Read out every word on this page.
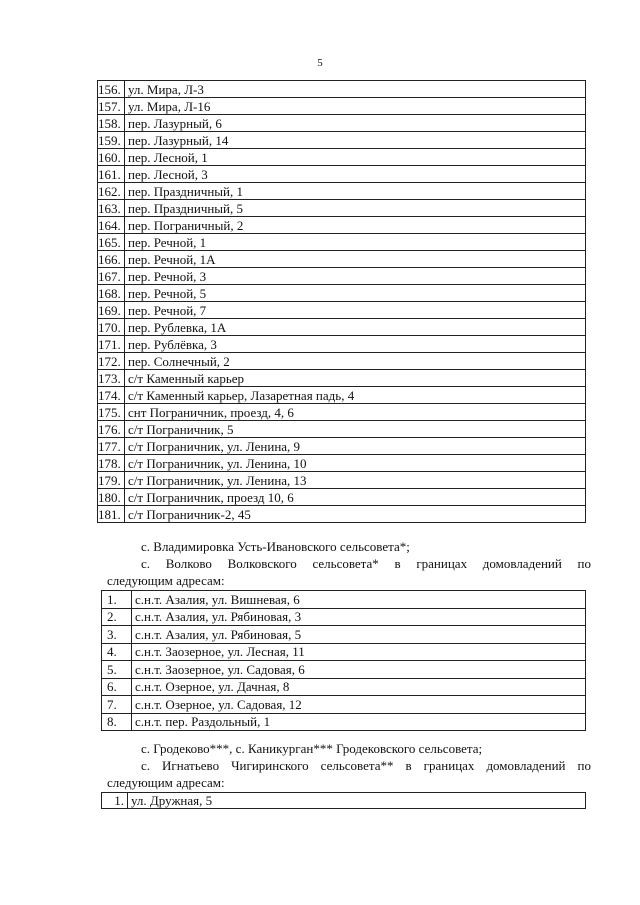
5
156.	ул. Мира, Л-3
157.	ул. Мира, Л-16
158.	пер. Лазурный, 6
159.	пер. Лазурный, 14
160.	пер. Лесной, 1
161.	пер. Лесной, 3
162.	пер. Праздничный, 1
163.	пер. Праздничный, 5
164.	пер. Пограничный, 2
165.	пер. Речной, 1
166.	пер. Речной, 1А
167.	пер. Речной, 3
168.	пер. Речной, 5
169.	пер. Речной, 7
170.	пер. Рублевка, 1А
171.	пер. Рублёвка, 3
172.	пер. Солнечный, 2
173.	с/т Каменный карьер
174.	с/т Каменный карьер, Лазаретная падь, 4
175.	снт Пограничник, проезд, 4, 6
176.	с/т Пограничник, 5
177.	с/т Пограничник, ул. Ленина, 9
178.	с/т Пограничник, ул. Ленина, 10
179.	с/т Пограничник, ул. Ленина, 13
180.	с/т Пограничник, проезд 10, 6
181.	с/т Пограничник-2, 45

с. Владимировка Усть-Ивановского сельсовета*;

с. Волково Волковского сельсовета* в границах домовладений по

следующим адресам:

1.	с.н.т. Азалия, ул. Вишневая, 6
2.	с.н.т. Азалия, ул. Рябиновая, 3
3.	с.н.т. Азалия, ул. Рябиновая, 5
4.	с.н.т. Заозерное, ул. Лесная, 11
5.	с.н.т. Заозерное, ул. Садовая, 6
6.	с.н.т. Озерное, ул. Дачная, 8
7.	с.н.т. Озерное, ул. Садовая, 12
8.	с.н.т. пер. Раздольный, 1

с. Гродеково***, с. Каникурган*** Гродековского сельсовета;

с. Игнатьево Чигиринского сельсовета** в границах домовладений по

следующим адресам:

1.	ул. Дружная, 5
